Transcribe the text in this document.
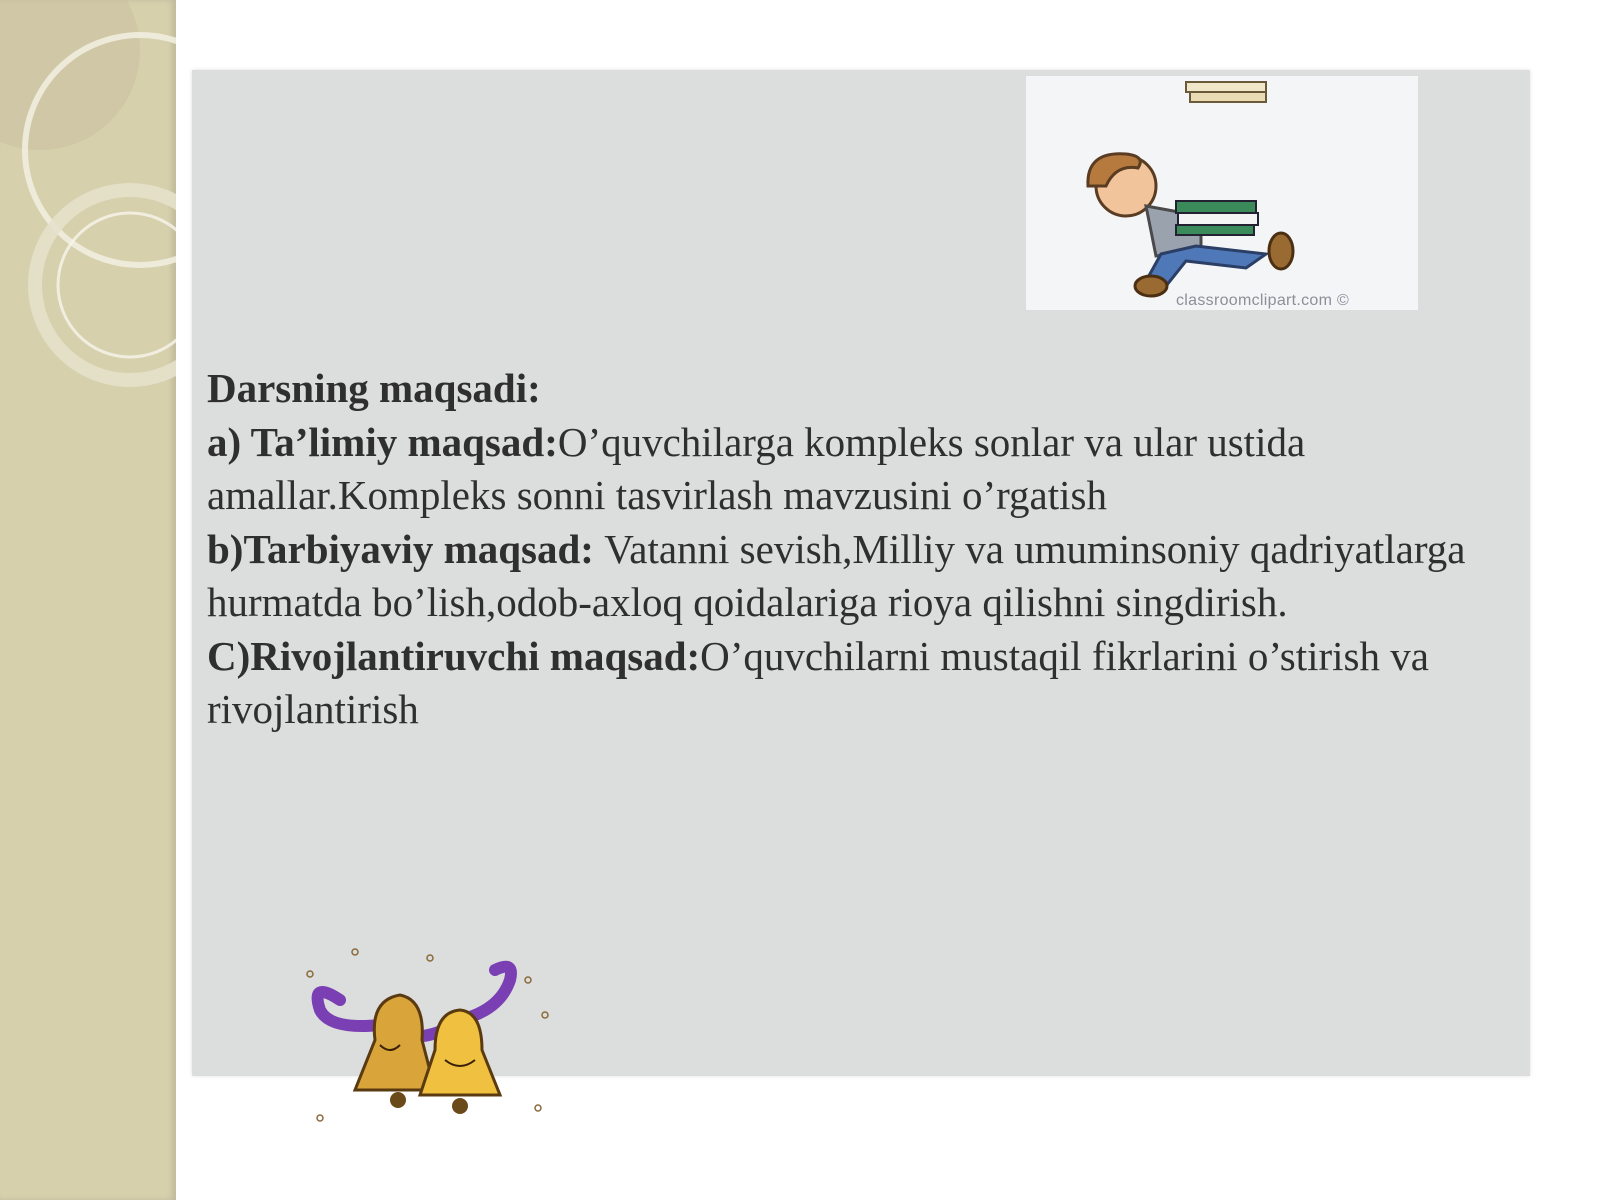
classroomclipart.com ©

Darsning maqsadi:

a) Ta’limiy maqsad:O’quvchilarga kompleks sonlar va ular ustida amallar.Kompleks sonni tasvirlash mavzusini o’rgatish

b)Tarbiyaviy maqsad: Vatanni sevish,Milliy va umuminsoniy qadriyatlarga hurmatda bo’lish,odob-axloq qoidalariga rioya qilishni singdirish.

C)Rivojlantiruvchi maqsad:O’quvchilarni mustaqil fikrlarini o’stirish va rivojlantirish
